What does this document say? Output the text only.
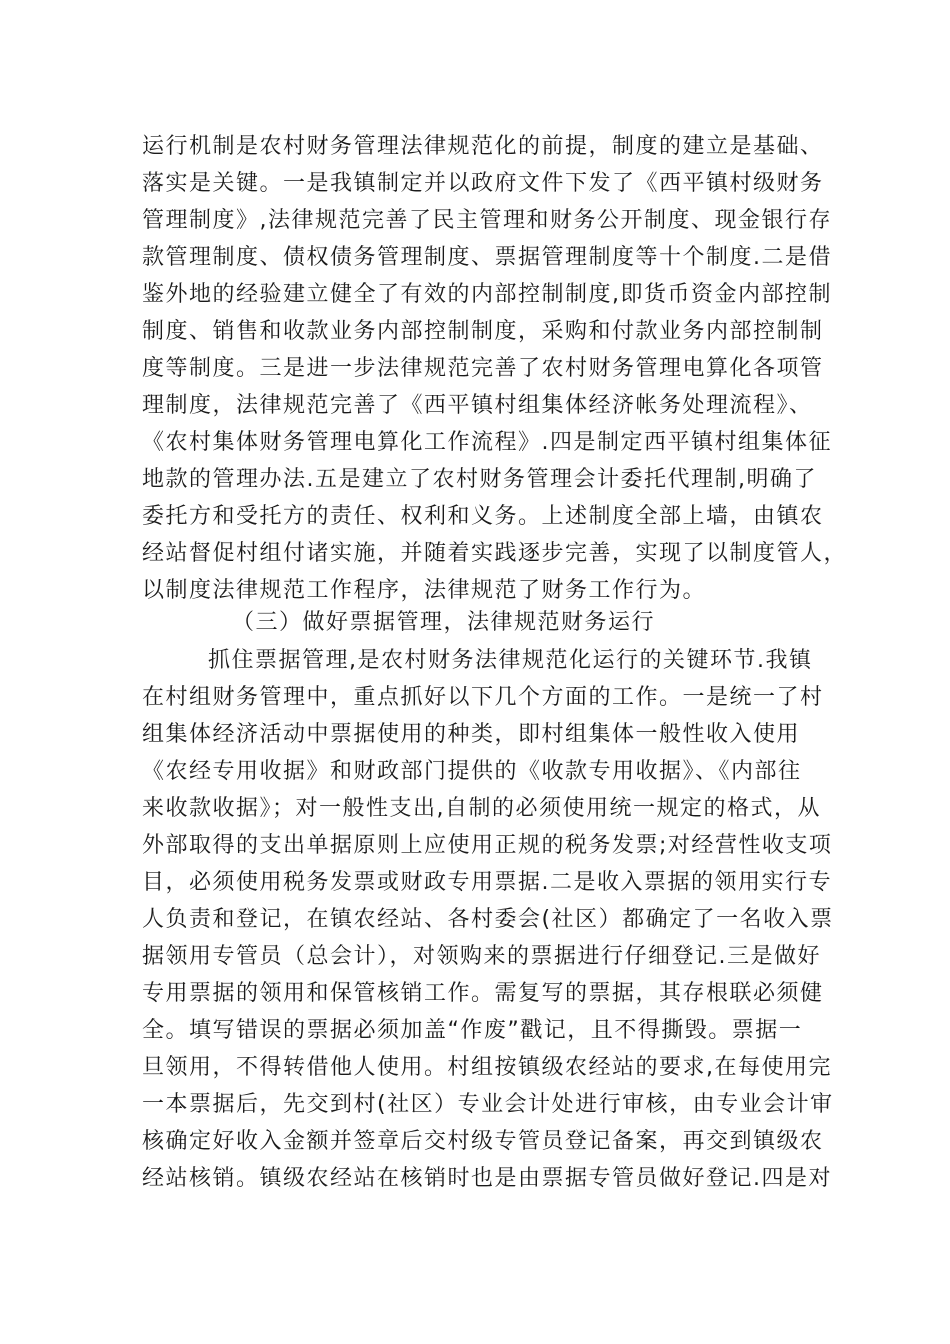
运行机制是农村财务管理法律规范化的前提，制度的建立是基础、
落实是关键。一是我镇制定并以政府文件下发了《西平镇村级财务
管理制度》,法律规范完善了民主管理和财务公开制度、现金银行存
款管理制度、债权债务管理制度、票据管理制度等十个制度.二是借
鉴外地的经验建立健全了有效的内部控制制度,即货币资金内部控制
制度、销售和收款业务内部控制制度，采购和付款业务内部控制制
度等制度。三是进一步法律规范完善了农村财务管理电算化各项管
理制度，法律规范完善了《西平镇村组集体经济帐务处理流程》、
《农村集体财务管理电算化工作流程》.四是制定西平镇村组集体征
地款的管理办法.五是建立了农村财务管理会计委托代理制,明确了
委托方和受托方的责任、权利和义务。上述制度全部上墙，由镇农
经站督促村组付诸实施，并随着实践逐步完善，实现了以制度管人，
以制度法律规范工作程序，法律规范了财务工作行为。
（三）做好票据管理，法律规范财务运行
抓住票据管理,是农村财务法律规范化运行的关键环节.我镇
在村组财务管理中，重点抓好以下几个方面的工作。一是统一了村
组集体经济活动中票据使用的种类，即村组集体一般性收入使用
《农经专用收据》和财政部门提供的《收款专用收据》、《内部往
来收款收据》；对一般性支出,自制的必须使用统一规定的格式，从
外部取得的支出单据原则上应使用正规的税务发票;对经营性收支项
目，必须使用税务发票或财政专用票据.二是收入票据的领用实行专
人负责和登记，在镇农经站、各村委会(社区）都确定了一名收入票
据领用专管员（总会计），对领购来的票据进行仔细登记.三是做好
专用票据的领用和保管核销工作。需复写的票据，其存根联必须健
全。填写错误的票据必须加盖“作废”戳记，且不得撕毁。票据一
旦领用，不得转借他人使用。村组按镇级农经站的要求,在每使用完
一本票据后，先交到村(社区）专业会计处进行审核，由专业会计审
核确定好收入金额并签章后交村级专管员登记备案，再交到镇级农
经站核销。镇级农经站在核销时也是由票据专管员做好登记.四是对
